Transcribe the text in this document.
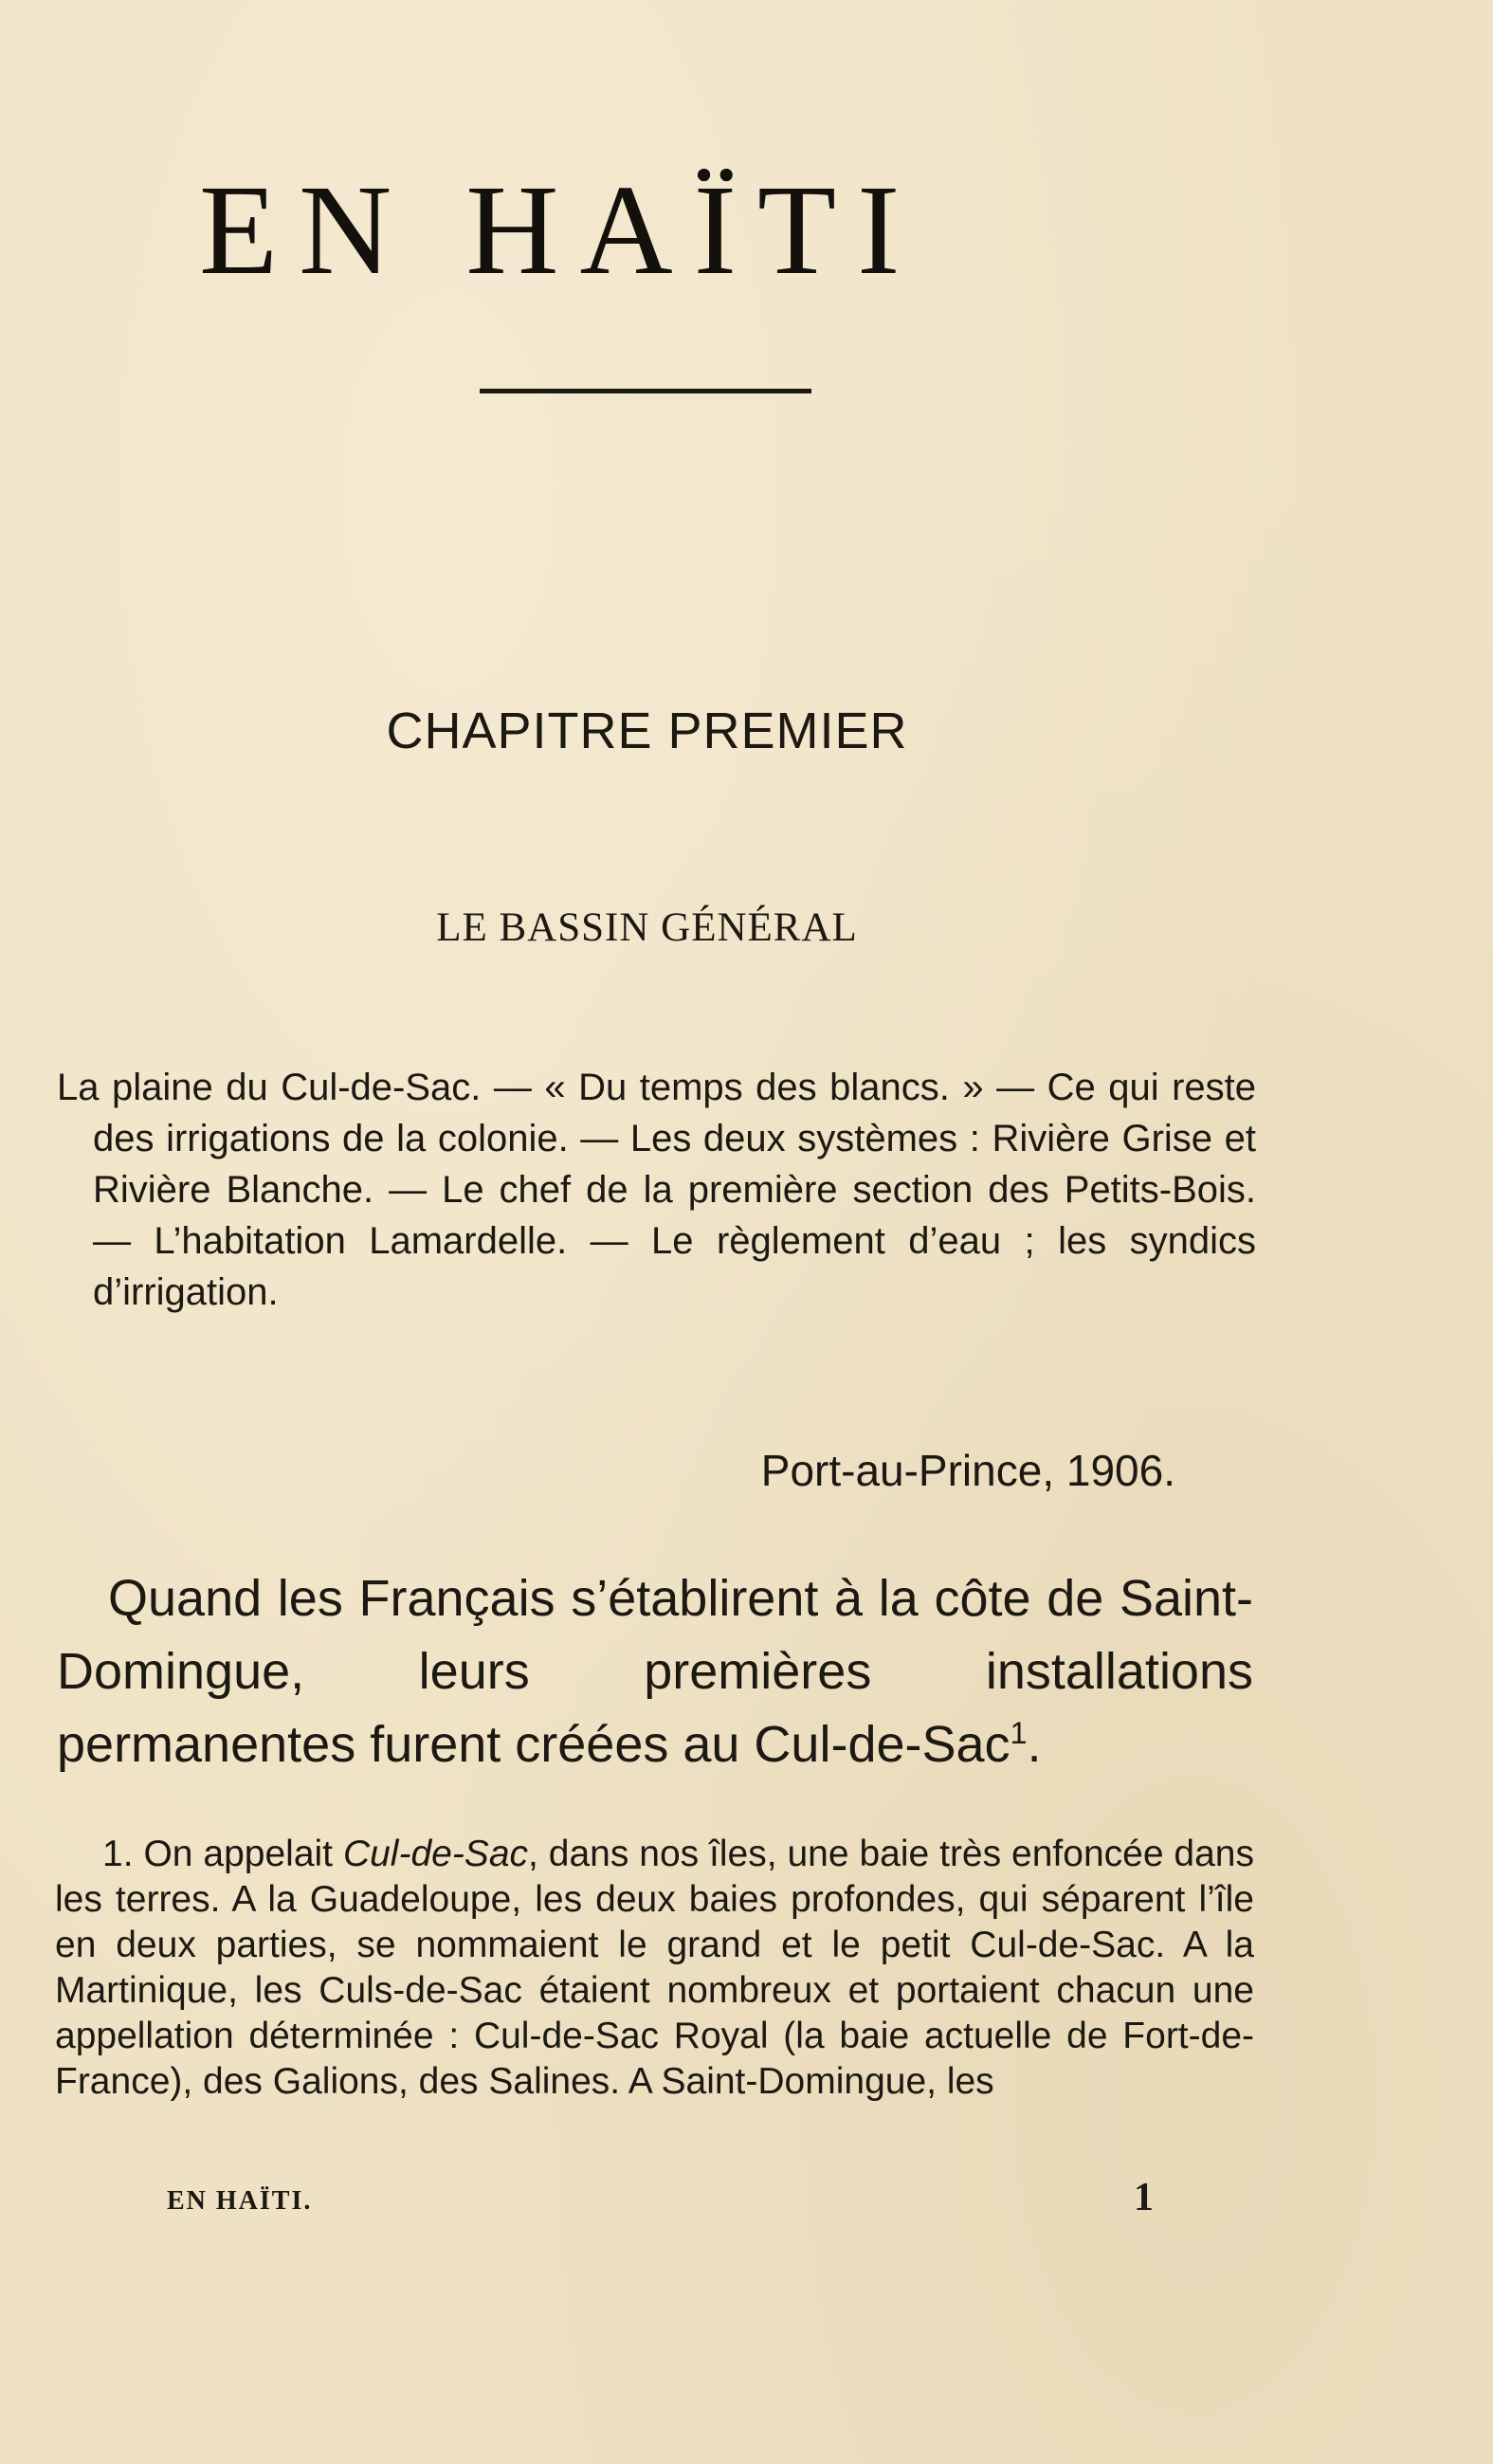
EN HAÏTI
CHAPITRE PREMIER
LE BASSIN GÉNÉRAL

La plaine du Cul-de-Sac. — « Du temps des blancs. » — Ce qui reste des irrigations de la colonie. — Les deux systèmes : Rivière Grise et Rivière Blanche. — Le chef de la première section des Petits-Bois. — L’habitation Lamardelle. — Le règlement d’eau ; les syndics d’irrigation.

Port-au-Prince, 1906.

Quand les Français s’établirent à la côte de Saint-Domingue, leurs premières installations permanentes furent créées au Cul-de-Sac$^1$.

1. On appelait Cul-de-Sac, dans nos îles, une baie très enfoncée dans les terres. A la Guadeloupe, les deux baies profondes, qui séparent l’île en deux parties, se nommaient le grand et le petit Cul-de-Sac. A la Martinique, les Culs-de-Sac étaient nombreux et portaient chacun une appellation déterminée : Cul-de-Sac Royal (la baie actuelle de Fort-de-France), des Galions, des Salines. A Saint-Domingue, les

EN HAÏTI.	1
